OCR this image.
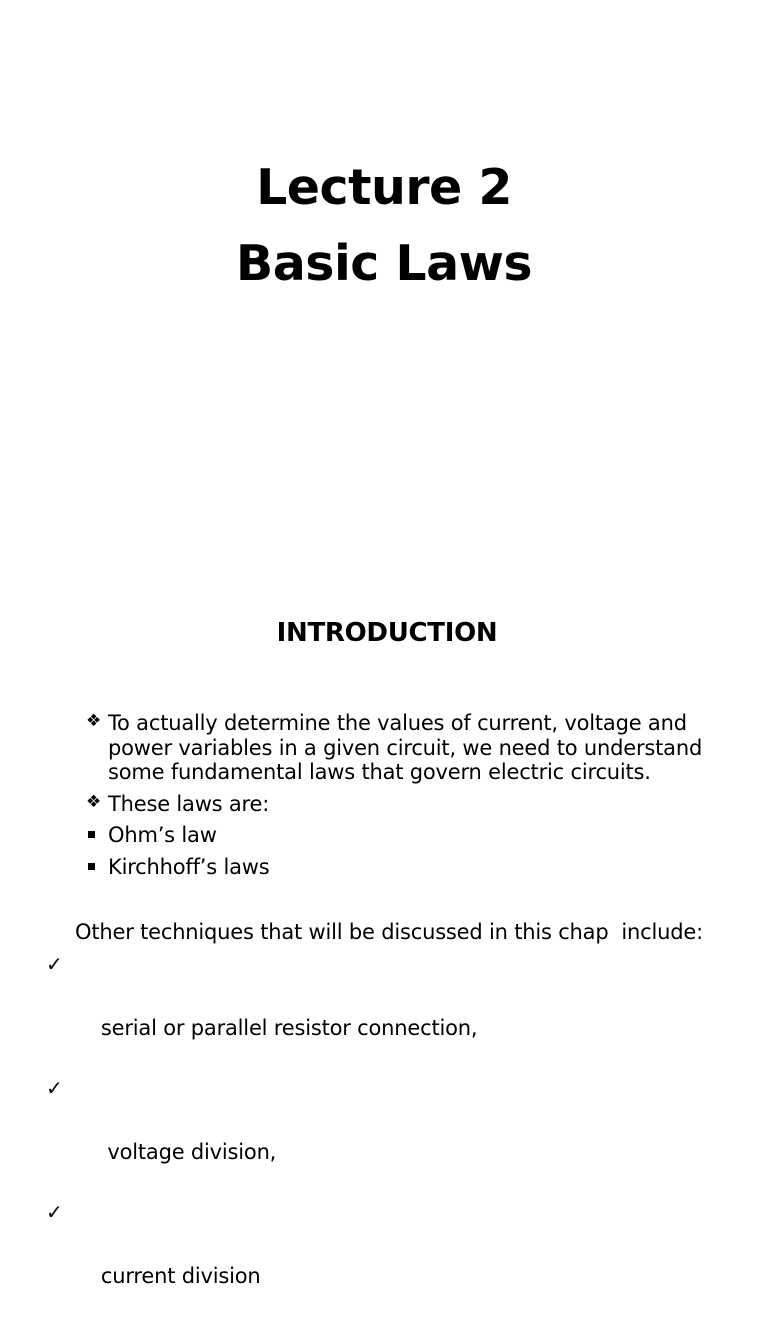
Lecture 2
Basic Laws
INTRODUCTION
❖ To actually determine the values of current, voltage and power variables in a given circuit, we need to understand some fundamental laws that govern electric circuits.
❖ These laws are:
Ohm’s law
Kirchhoff’s laws
Other techniques that will be discussed in this chap  include:

✓

serial or parallel resistor connection,

✓

voltage division,

✓

current division
